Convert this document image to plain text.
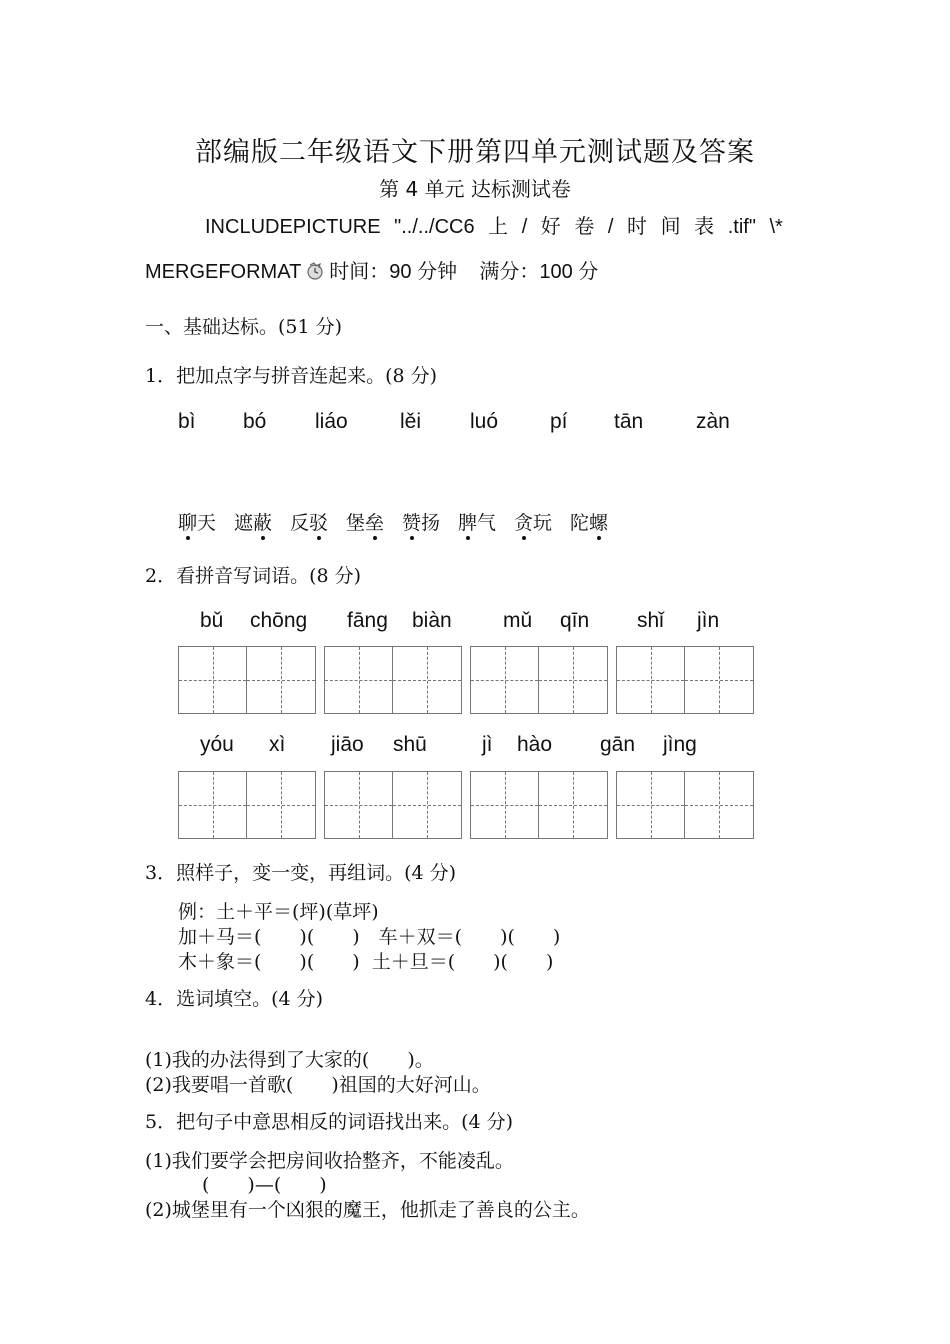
部编版二年级语文下册第四单元测试题及答案
第 4 单元 达标测试卷
INCLUDEPICTURE "../../CC6 上 / 好 卷 / 时 间 表 .tif" \*
MERGEFORMAT 时间：90 分钟    满分：100 分
一、基础达标。(51 分)
1．把加点字与拼音连起来。(8 分)
bì bó liáo lěi luó pí tān	zàn
聊天 遮蔽 反驳 堡垒 赞扬 脾气 贪玩 陀螺
2．看拼音写词语。(8 分)
bǔ chōng fāng biàn mǔ qīn shǐ jìn
yóu xì jiāo shū	jì hào gān jìng
3．照样子，变一变，再组词。(4 分)
例：土＋平＝(坪)(草坪)
加＋马＝(　　)(　　)　车＋双＝(　　)(　　)
木＋象＝(　　)(　　)  土＋旦＝(　　)(　　)
4．选词填空。(4 分)
(1)我的办法得到了大家的(　　)。
(2)我要唱一首歌(　　)祖国的大好河山。
5．把句子中意思相反的词语找出来。(4 分)
(1)我们要学会把房间收拾整齐，不能凌乱。
(　　)—(　　)
(2)城堡里有一个凶狠的魔王，他抓走了善良的公主。
